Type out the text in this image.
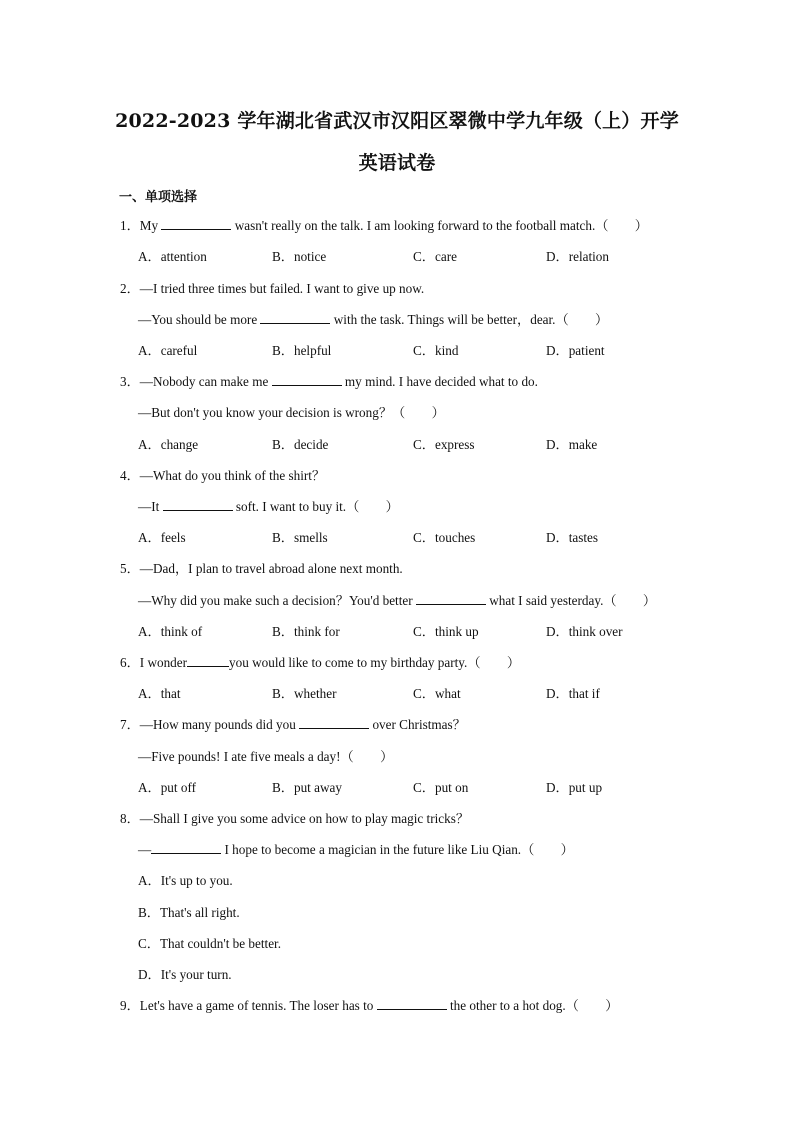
2022-2023 学年湖北省武汉市汉阳区翠微中学九年级（上）开学
英语试卷
一、单项选择
1．My	wasn't really on the talk. I am looking forward to the football match.（　　）
A．attention	B．notice	C．care	D．relation
2．—I tried three times but failed. I want to give up now.
—You should be more	with the task. Things will be better，dear.（　　）
A．careful	B．helpful	C．kind	D．patient
3．—Nobody can make me	my mind. I have decided what to do.
—But don't you know your decision is wrong？（　　）
A．change	B．decide	C．express	D．make
4．—What do you think of the shirt？
—It	soft. I want to buy it.（　　）
A．feels	B．smells	C．touches	D．tastes
5．—Dad，I plan to travel abroad alone next month.
—Why did you make such a decision？You'd better	what I said yesterday.（　　）
A．think of	B．think for	C．think up	D．think over
6．I wonder	you would like to come to my birthday party.（　　）
A．that	B．whether	C．what	D．that if
7．—How many pounds did you	over Christmas？
—Five pounds! I ate five meals a day!（　　）
A．put off	B．put away	C．put on	D．put up
8．—Shall I give you some advice on how to play magic tricks？
—	I hope to become a magician in the future like Liu Qian.（　　）
A．It's up to you.
B．That's all right.
C．That couldn't be better.
D．It's your turn.
9．Let's have a game of tennis. The loser has to	the other to a hot dog.（　　）
